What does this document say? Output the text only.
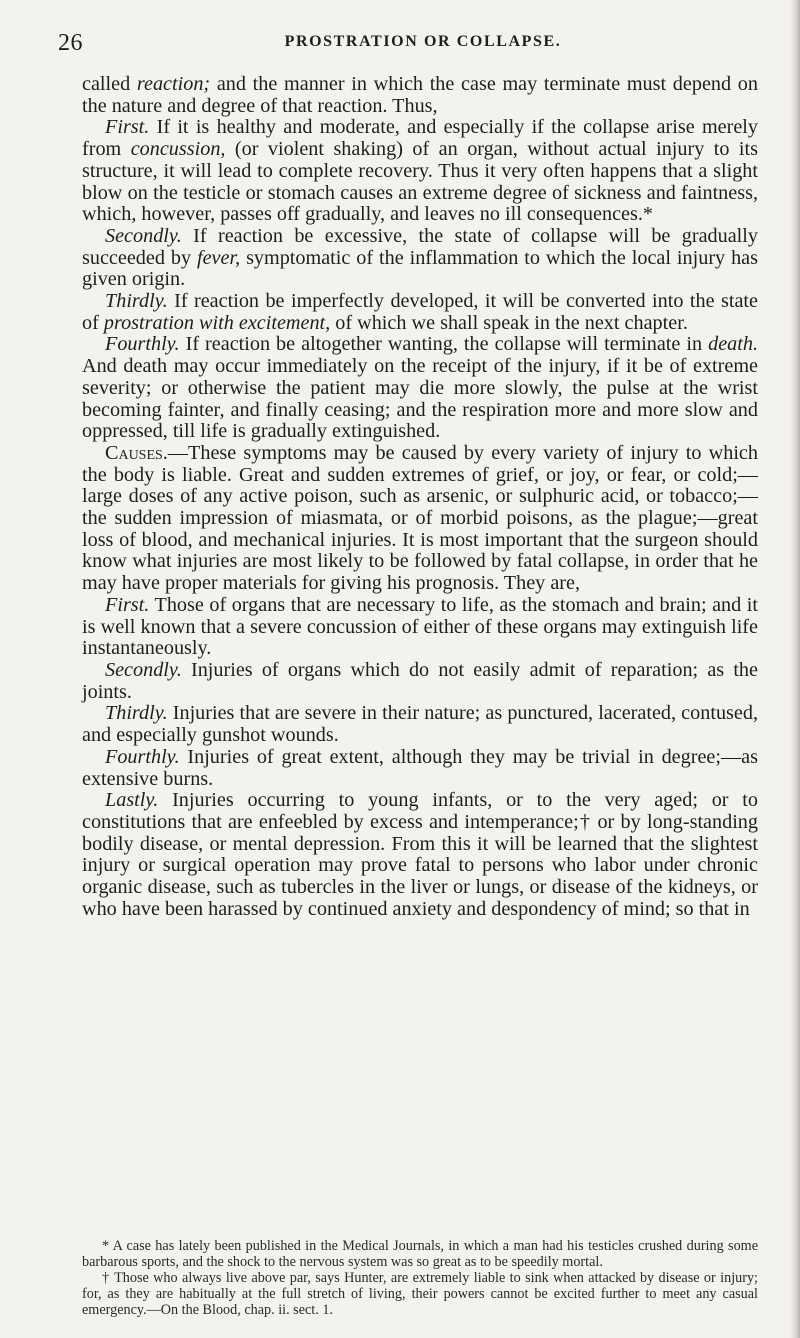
26	PROSTRATION OR COLLAPSE.

called reaction; and the manner in which the case may terminate must depend on the nature and degree of that reaction. Thus,

First. If it is healthy and moderate, and especially if the collapse arise merely from concussion, (or violent shaking) of an organ, without actual injury to its structure, it will lead to complete recovery. Thus it very often happens that a slight blow on the testicle or stomach causes an extreme degree of sickness and faintness, which, however, passes off gradually, and leaves no ill consequences.*

Secondly. If reaction be excessive, the state of collapse will be gradually succeeded by fever, symptomatic of the inflammation to which the local injury has given origin.

Thirdly. If reaction be imperfectly developed, it will be converted into the state of prostration with excitement, of which we shall speak in the next chapter.

Fourthly. If reaction be altogether wanting, the collapse will terminate in death. And death may occur immediately on the receipt of the injury, if it be of extreme severity; or otherwise the patient may die more slowly, the pulse at the wrist becoming fainter, and finally ceasing; and the respiration more and more slow and oppressed, till life is gradually extinguished.

Causes.—These symptoms may be caused by every variety of injury to which the body is liable. Great and sudden extremes of grief, or joy, or fear, or cold;—large doses of any active poison, such as arsenic, or sulphuric acid, or tobacco;—the sudden impression of miasmata, or of morbid poisons, as the plague;—great loss of blood, and mechanical injuries. It is most important that the surgeon should know what injuries are most likely to be followed by fatal collapse, in order that he may have proper materials for giving his prognosis. They are,

First. Those of organs that are necessary to life, as the stomach and brain; and it is well known that a severe concussion of either of these organs may extinguish life instantaneously.

Secondly. Injuries of organs which do not easily admit of reparation; as the joints.

Thirdly. Injuries that are severe in their nature; as punctured, lacerated, contused, and especially gunshot wounds.

Fourthly. Injuries of great extent, although they may be trivial in degree;—as extensive burns.

Lastly. Injuries occurring to young infants, or to the very aged; or to constitutions that are enfeebled by excess and intemperance;† or by long-standing bodily disease, or mental depression. From this it will be learned that the slightest injury or surgical operation may prove fatal to persons who labor under chronic organic disease, such as tubercles in the liver or lungs, or disease of the kidneys, or who have been harassed by continued anxiety and despondency of mind; so that in

* A case has lately been published in the Medical Journals, in which a man had his testicles crushed during some barbarous sports, and the shock to the nervous system was so great as to be speedily mortal.

† Those who always live above par, says Hunter, are extremely liable to sink when attacked by disease or injury; for, as they are habitually at the full stretch of living, their powers cannot be excited further to meet any casual emergency.—On the Blood, chap. ii. sect. 1.
